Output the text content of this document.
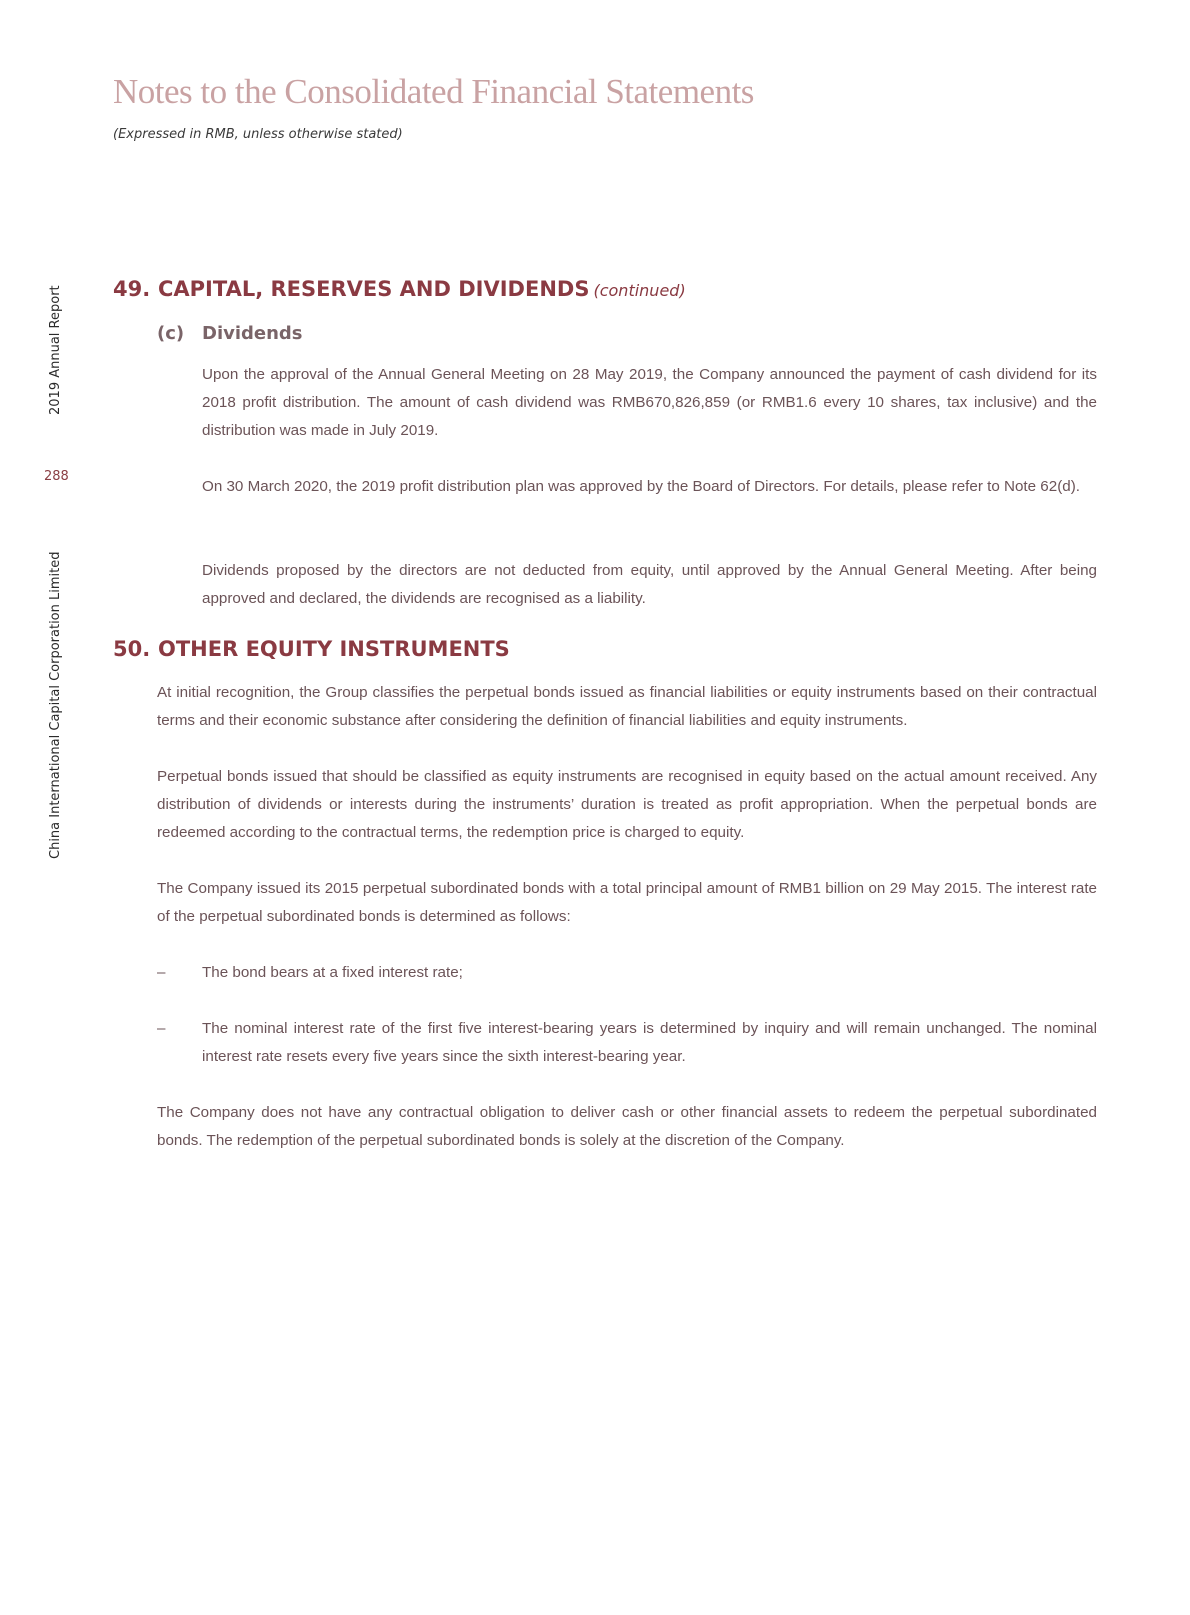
Notes to the Consolidated Financial Statements
(Expressed in RMB, unless otherwise stated)
2019 Annual Report
288
China International Capital Corporation Limited
49. CAPITAL, RESERVES AND DIVIDENDS (continued)
(c) Dividends

Upon the approval of the Annual General Meeting on 28 May 2019, the Company announced the payment of cash dividend for its 2018 profit distribution. The amount of cash dividend was RMB670,826,859 (or RMB1.6 every 10 shares, tax inclusive) and the distribution was made in July 2019.

On 30 March 2020, the 2019 profit distribution plan was approved by the Board of Directors. For details, please refer to Note 62(d).

Dividends proposed by the directors are not deducted from equity, until approved by the Annual General Meeting. After being approved and declared, the dividends are recognised as a liability.

50. OTHER EQUITY INSTRUMENTS

At initial recognition, the Group classifies the perpetual bonds issued as financial liabilities or equity instruments based on their contractual terms and their economic substance after considering the definition of financial liabilities and equity instruments.

Perpetual bonds issued that should be classified as equity instruments are recognised in equity based on the actual amount received. Any distribution of dividends or interests during the instruments’ duration is treated as profit appropriation. When the perpetual bonds are redeemed according to the contractual terms, the redemption price is charged to equity.

The Company issued its 2015 perpetual subordinated bonds with a total principal amount of RMB1 billion on 29 May 2015. The interest rate of the perpetual subordinated bonds is determined as follows:

– The bond bears at a fixed interest rate;

– The nominal interest rate of the first five interest-bearing years is determined by inquiry and will remain unchanged. The nominal interest rate resets every five years since the sixth interest-bearing year.

The Company does not have any contractual obligation to deliver cash or other financial assets to redeem the perpetual subordinated bonds. The redemption of the perpetual subordinated bonds is solely at the discretion of the Company.
